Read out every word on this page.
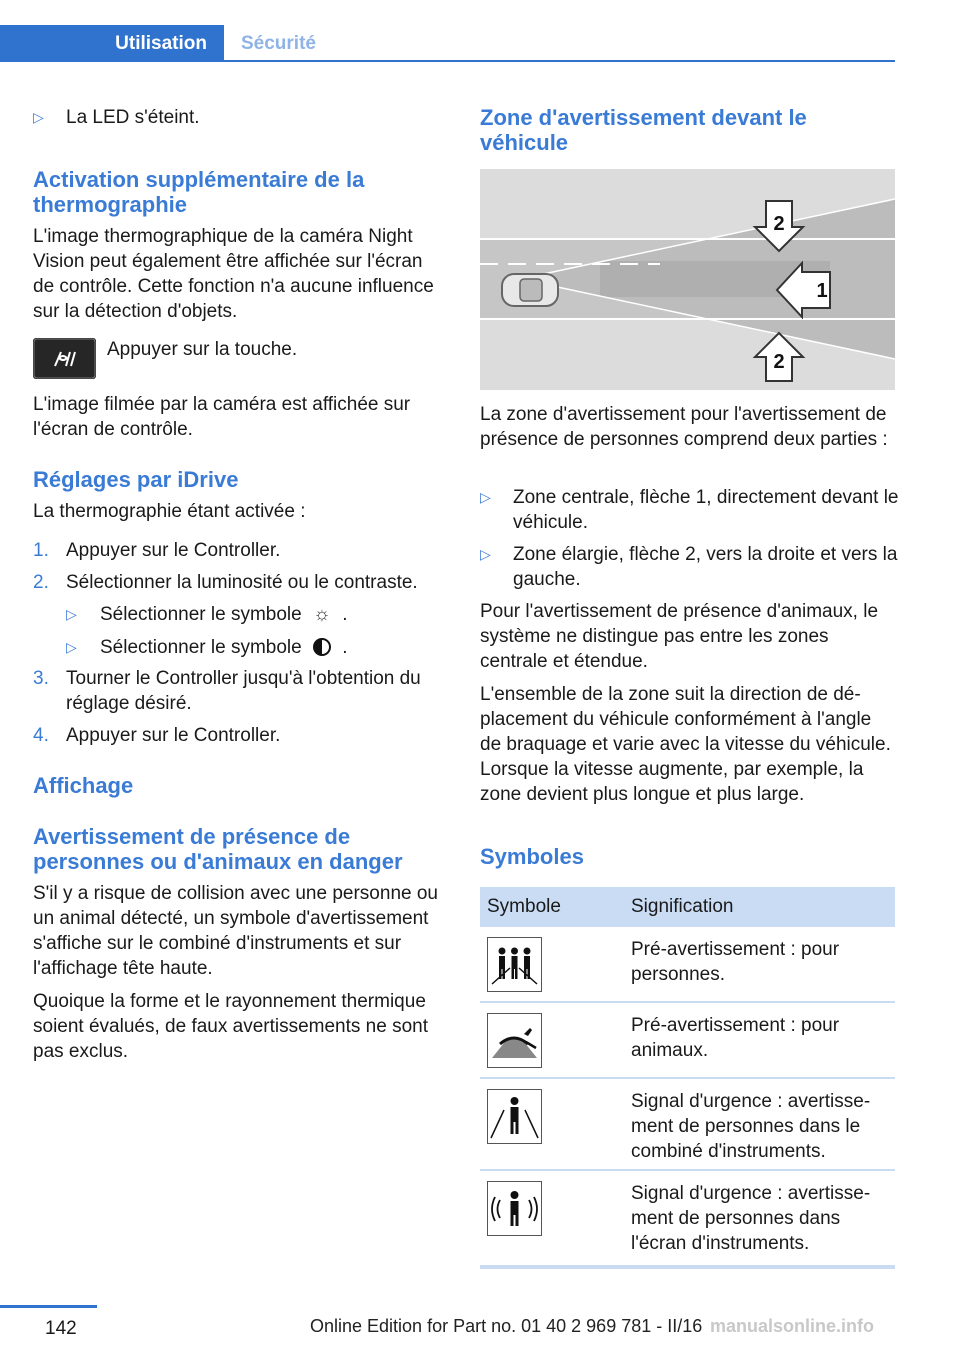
Utilisation	Sécurité
▷ La LED s'éteint.
Activation supplémentaire de la thermographie

L'image thermographique de la caméra Night Vision peut également être affichée sur l'écran de contrôle. Cette fonction n'a aucune influence sur la détection d'objets.

Appuyer sur la touche.

L'image filmée par la caméra est affichée sur l'écran de contrôle.

Réglages par iDrive

La thermographie étant activée :

1. Appuyer sur le Controller.
2. Sélectionner la luminosité ou le contraste.
▷ Sélectionner le symbole ☼ .
▷ Sélectionner le symbole .
3. Tourner le Controller jusqu'à l'obtention du réglage désiré.
4. Appuyer sur le Controller.
Affichage
Avertissement de présence de personnes ou d'animaux en danger

S'il y a risque de collision avec une personne ou un animal détecté, un symbole d'avertissement s'affiche sur le combiné d'instruments et sur l'affichage tête haute.

Quoique la forme et le rayonnement thermique soient évalués, de faux avertissements ne sont pas exclus.

Zone d'avertissement devant le véhicule
1
2
2

La zone d'avertissement pour l'avertissement de présence de personnes comprend deux parties :

▷ Zone centrale, flèche 1, directement devant le véhicule.
▷ Zone élargie, flèche 2, vers la droite et vers la gauche.

Pour l'avertissement de présence d'animaux, le système ne distingue pas entre les zones centrale et étendue.

L'ensemble de la zone suit la direction de déplacement du véhicule conformément à l'angle de braquage et varie avec la vitesse du véhicule. Lorsque la vitesse augmente, par exemple, la zone devient plus longue et plus large.

Symboles
Symbole	Signification
Pré-avertissement : pour personnes.
Pré-avertissement : pour animaux.
Signal d'urgence : avertissement de personnes dans le combiné d'instruments.
Signal d'urgence : avertissement de personnes dans l'écran d'instruments.
142	Online Edition for Part no. 01 40 2 969 781 - II/16 manualsonline.info
